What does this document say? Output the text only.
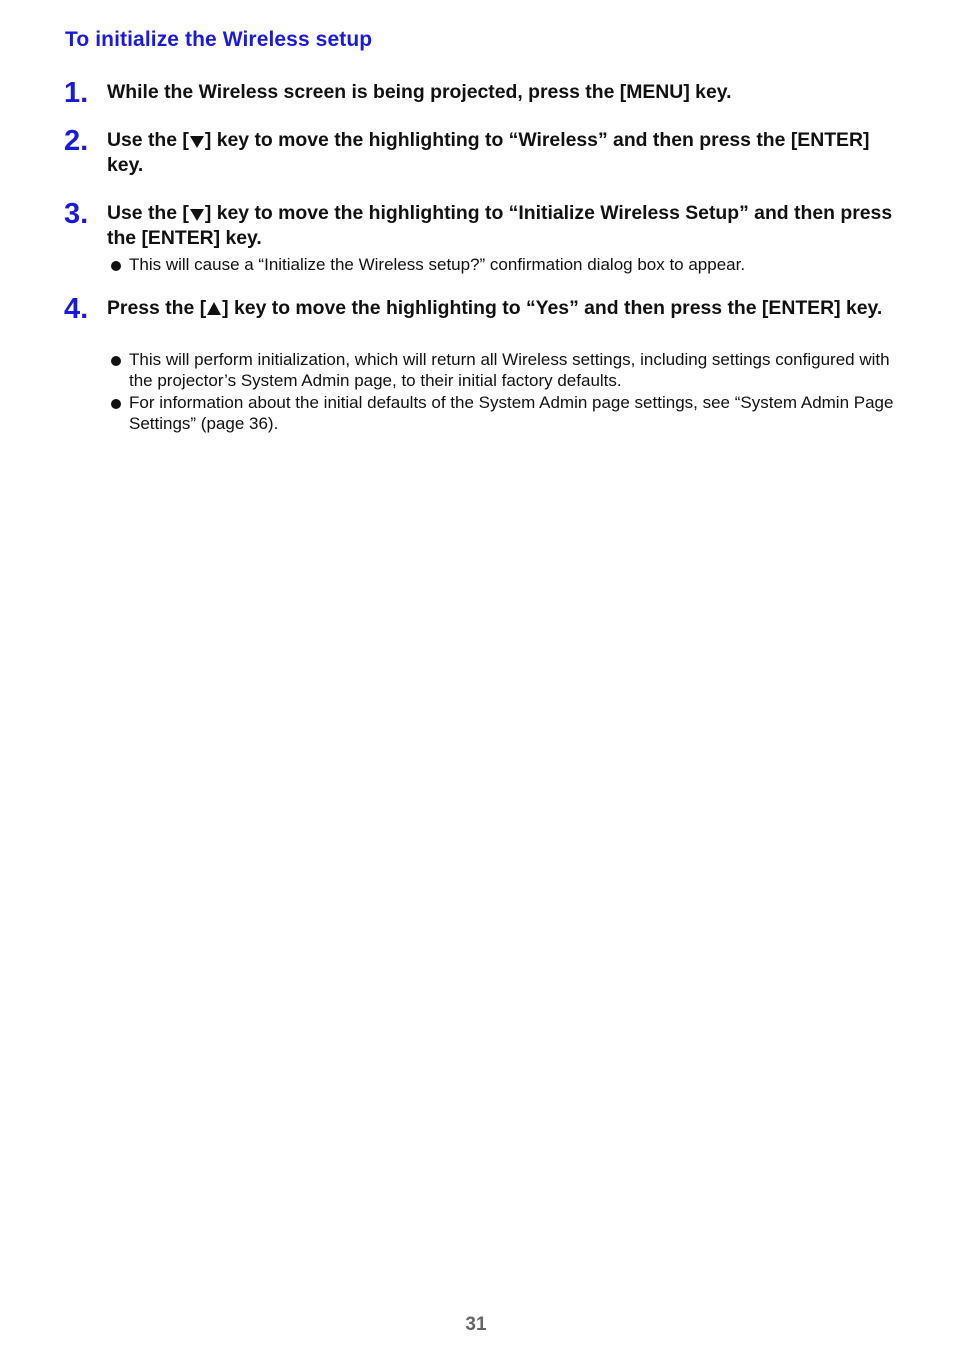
To initialize the Wireless setup
1. While the Wireless screen is being projected, press the [MENU] key.
2. Use the [ ] key to move the highlighting to “Wireless” and then press the [ENTER] key.
3. Use the [ ] key to move the highlighting to “Initialize Wireless Setup” and then press the [ENTER] key.
This will cause a “Initialize the Wireless setup?” confirmation dialog box to appear.
4. Press the [ ] key to move the highlighting to “Yes” and then press the [ENTER] key.
This will perform initialization, which will return all Wireless settings, including settings configured with the projector’s System Admin page, to their initial factory defaults.
For information about the initial defaults of the System Admin page settings, see “System Admin Page Settings” (page 36).
31
